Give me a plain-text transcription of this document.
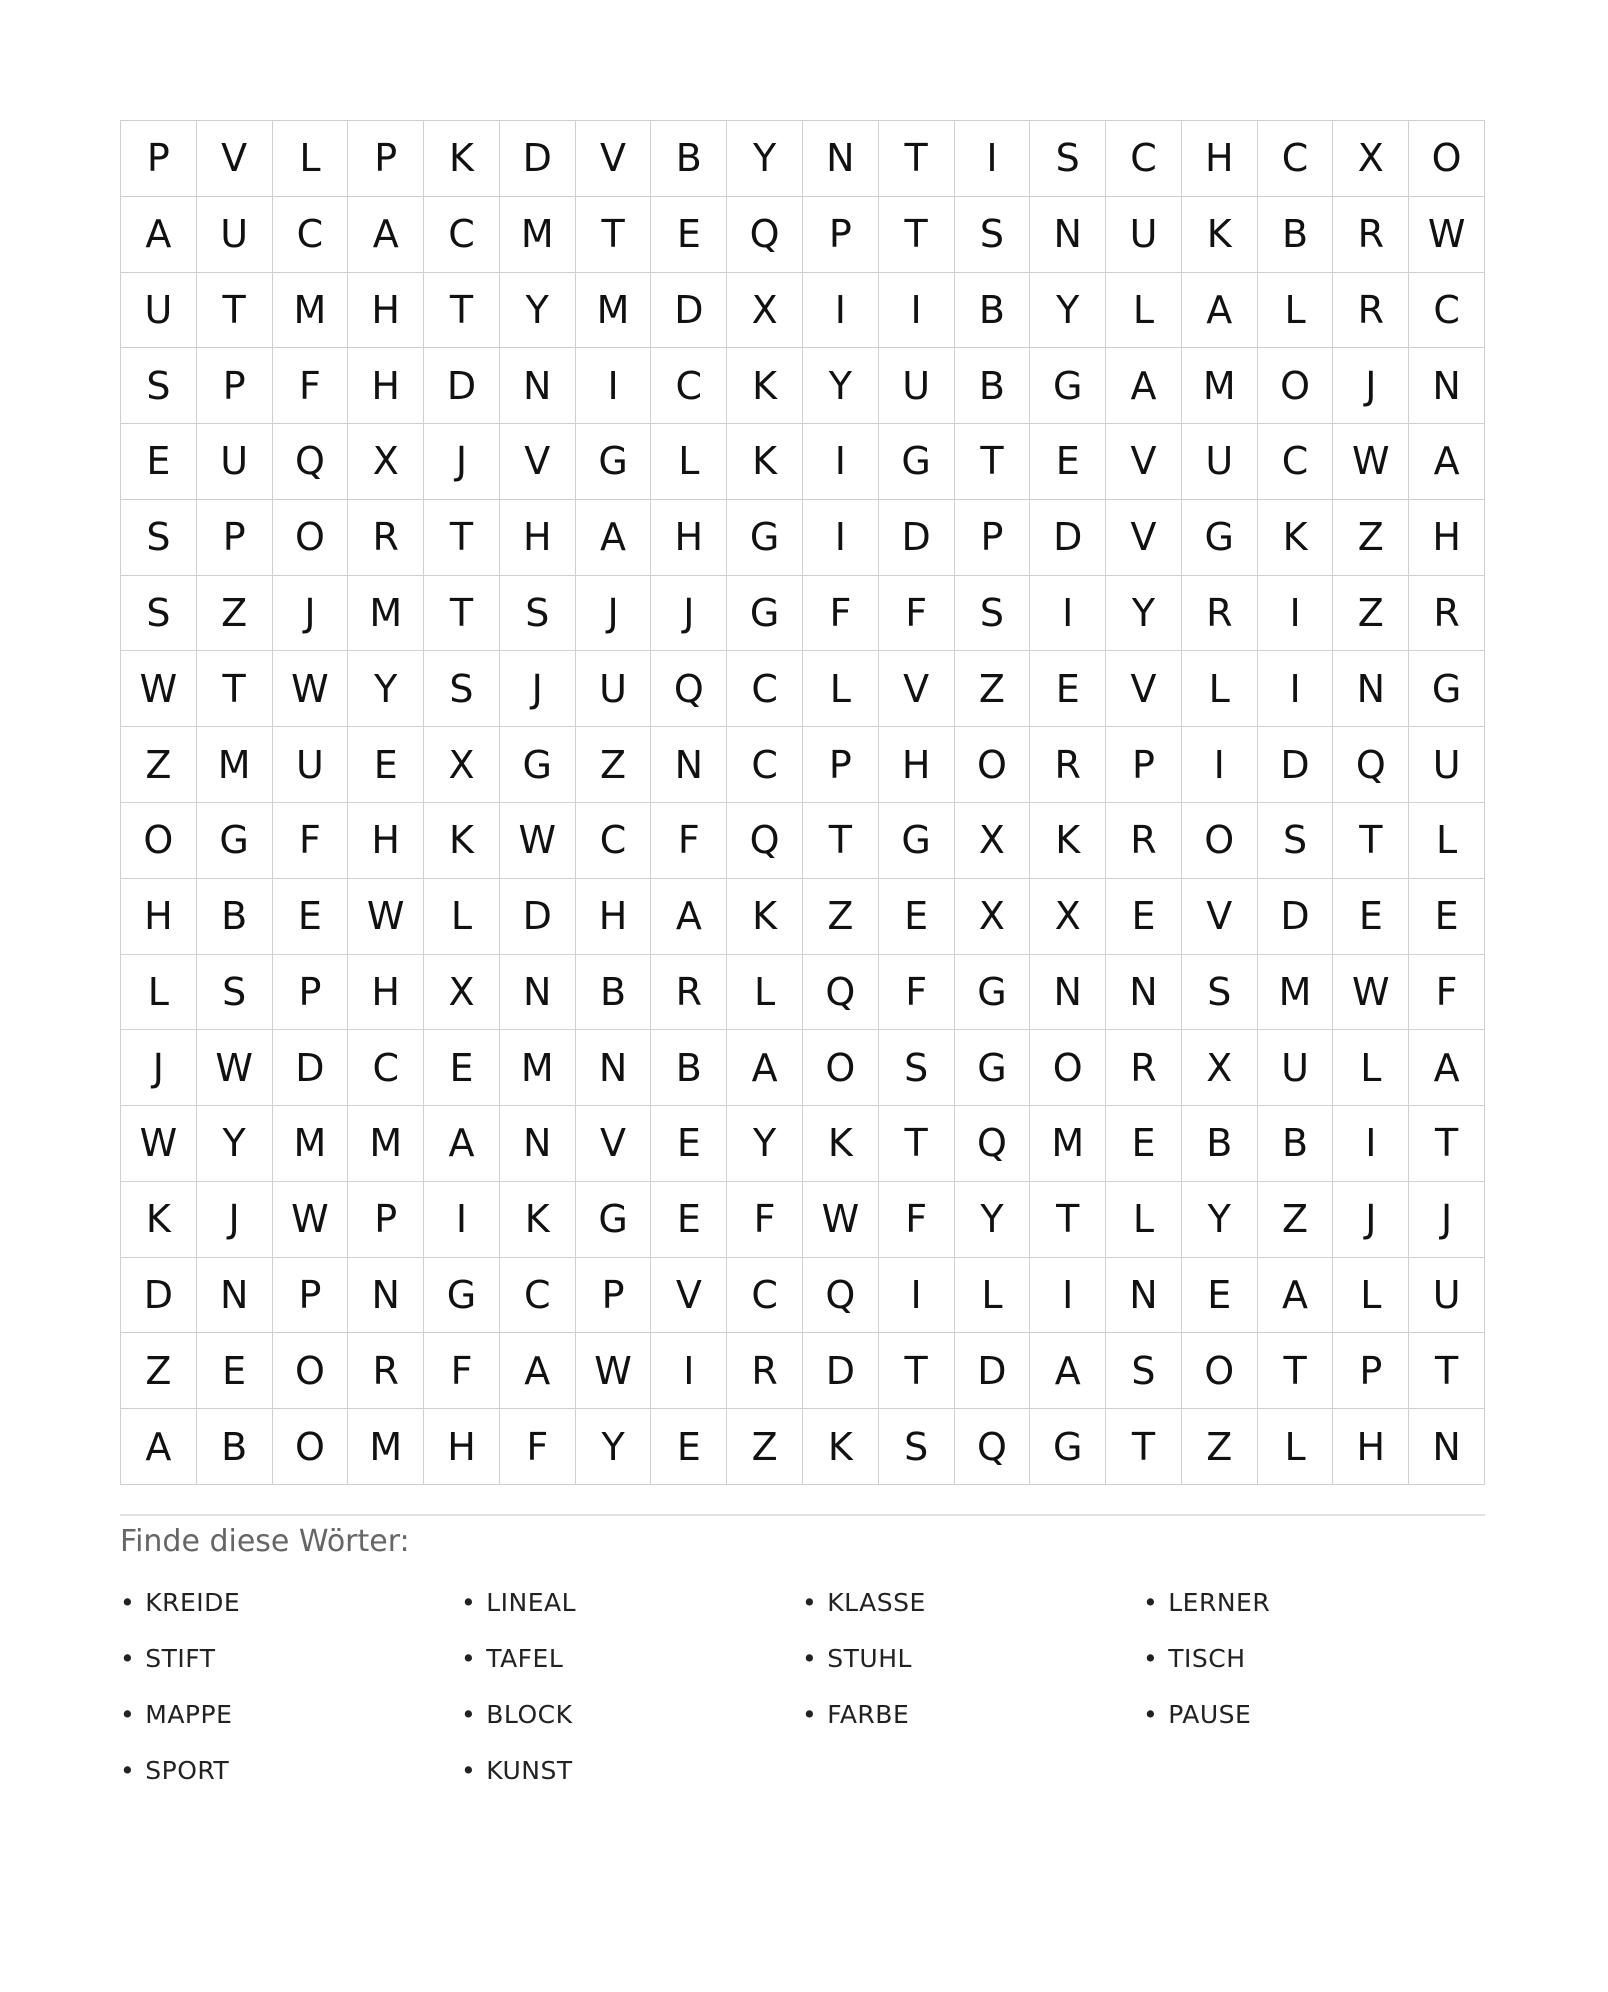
P	V	L	P	K	D	V	B	Y	N	T	I	S	C	H	C	X	O
A	U	C	A	C	M	T	E	Q	P	T	S	N	U	K	B	R	W
U	T	M	H	T	Y	M	D	X	I	I	B	Y	L	A	L	R	C
S	P	F	H	D	N	I	C	K	Y	U	B	G	A	M	O	J	N
E	U	Q	X	J	V	G	L	K	I	G	T	E	V	U	C	W	A
S	P	O	R	T	H	A	H	G	I	D	P	D	V	G	K	Z	H
S	Z	J	M	T	S	J	J	G	F	F	S	I	Y	R	I	Z	R
W	T	W	Y	S	J	U	Q	C	L	V	Z	E	V	L	I	N	G
Z	M	U	E	X	G	Z	N	C	P	H	O	R	P	I	D	Q	U
O	G	F	H	K	W	C	F	Q	T	G	X	K	R	O	S	T	L
H	B	E	W	L	D	H	A	K	Z	E	X	X	E	V	D	E	E
L	S	P	H	X	N	B	R	L	Q	F	G	N	N	S	M	W	F
J	W	D	C	E	M	N	B	A	O	S	G	O	R	X	U	L	A
W	Y	M	M	A	N	V	E	Y	K	T	Q	M	E	B	B	I	T
K	J	W	P	I	K	G	E	F	W	F	Y	T	L	Y	Z	J	J
D	N	P	N	G	C	P	V	C	Q	I	L	I	N	E	A	L	U
Z	E	O	R	F	A	W	I	R	D	T	D	A	S	O	T	P	T
A	B	O	M	H	F	Y	E	Z	K	S	Q	G	T	Z	L	H	N
Finde diese Wörter:
• KREIDE	• LINEAL	• KLASSE	• LERNER
• STIFT	• TAFEL	• STUHL	• TISCH
• MAPPE	• BLOCK	• FARBE	• PAUSE
• SPORT	• KUNST
